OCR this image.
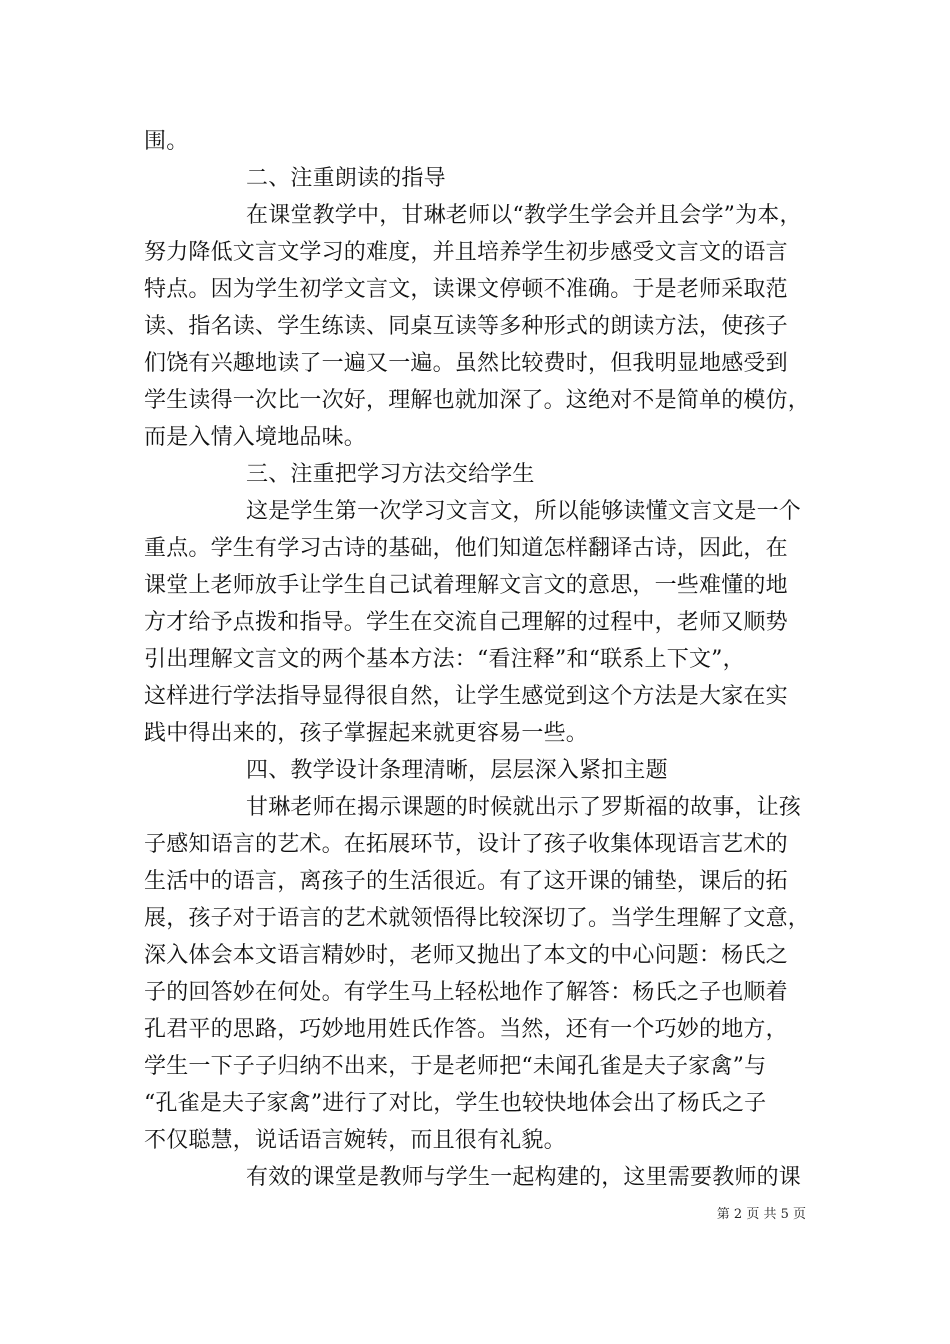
围。
二、注重朗读的指导
在课堂教学中，甘琳老师以“教学生学会并且会学”为本，
努力降低文言文学习的难度，并且培养学生初步感受文言文的语言
特点。因为学生初学文言文，读课文停顿不准确。于是老师采取范
读、指名读、学生练读、同桌互读等多种形式的朗读方法，使孩子
们饶有兴趣地读了一遍又一遍。虽然比较费时，但我明显地感受到
学生读得一次比一次好，理解也就加深了。这绝对不是简单的模仿，
而是入情入境地品味。
三、注重把学习方法交给学生
这是学生第一次学习文言文，所以能够读懂文言文是一个
重点。学生有学习古诗的基础，他们知道怎样翻译古诗，因此，在
课堂上老师放手让学生自己试着理解文言文的意思，一些难懂的地
方才给予点拨和指导。学生在交流自己理解的过程中，老师又顺势
引出理解文言文的两个基本方法：“看注释”和“联系上下文”，
这样进行学法指导显得很自然，让学生感觉到这个方法是大家在实
践中得出来的，孩子掌握起来就更容易一些。
四、教学设计条理清晰，层层深入紧扣主题
甘琳老师在揭示课题的时候就出示了罗斯福的故事，让孩
子感知语言的艺术。在拓展环节，设计了孩子收集体现语言艺术的
生活中的语言，离孩子的生活很近。有了这开课的铺垫，课后的拓
展，孩子对于语言的艺术就领悟得比较深切了。当学生理解了文意，
深入体会本文语言精妙时，老师又抛出了本文的中心问题：杨氏之
子的回答妙在何处。有学生马上轻松地作了解答：杨氏之子也顺着
孔君平的思路，巧妙地用姓氏作答。当然，还有一个巧妙的地方，
学生一下子子归纳不出来，于是老师把“未闻孔雀是夫子家禽”与
“孔雀是夫子家禽”进行了对比，学生也较快地体会出了杨氏之子
不仅聪慧，说话语言婉转，而且很有礼貌。
有效的课堂是教师与学生一起构建的，这里需要教师的课
第 2 页 共 5 页
